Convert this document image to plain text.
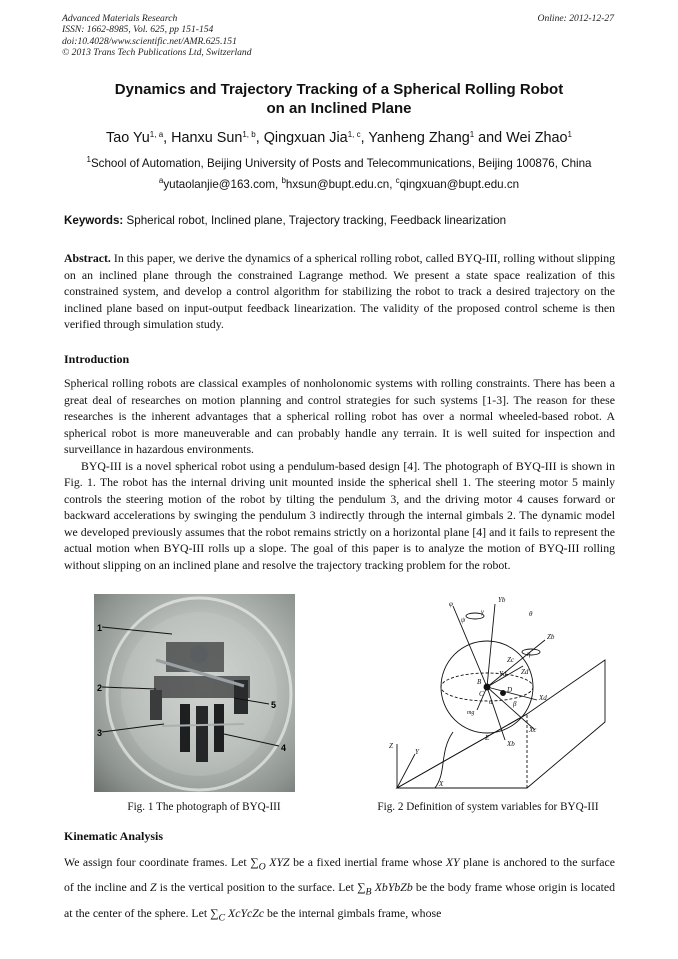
Advanced Materials Research
ISSN: 1662-8985, Vol. 625, pp 151-154
doi:10.4028/www.scientific.net/AMR.625.151
© 2013 Trans Tech Publications Ltd, Switzerland
Online: 2012-12-27
Dynamics and Trajectory Tracking of a Spherical Rolling Robot
on an Inclined Plane
Tao Yu$^{1, a}$, Hanxu Sun$^{1, b}$, Qingxuan Jia$^{1, c}$, Yanheng Zhang$^1$ and Wei Zhao$^1$
$^1$School of Automation, Beijing University of Posts and Telecommunications, Beijing 100876, China
$^a$yutaolanjie@163.com, $^b$hxsun@bupt.edu.cn, $^c$qingxuan@bupt.edu.cn
Keywords: Spherical robot, Inclined plane, Trajectory tracking, Feedback linearization
Abstract. In this paper, we derive the dynamics of a spherical rolling robot, called BYQ-III, rolling without slipping on an inclined plane through the constrained Lagrange method. We present a state space realization of this constrained system, and develop a control algorithm for stabilizing the robot to track a desired trajectory on the inclined plane based on input-output feedback linearization. The validity of the proposed control scheme is then verified through simulation study.
Introduction
Spherical rolling robots are classical examples of nonholonomic systems with rolling constraints. There has been a great deal of researches on motion planning and control strategies for such systems [1-3]. The reason for these researches is the inherent advantages that a spherical rolling robot has over a normal wheeled-based robot. A spherical robot is more maneuverable and can probably handle any terrain. It is well suited for inspection and surveillance in hazardous environments.
BYQ-III is a novel spherical robot using a pendulum-based design [4]. The photograph of BYQ-III is shown in Fig. 1. The robot has the internal driving unit mounted inside the spherical shell 1. The steering motor 5 mainly controls the steering motion of the robot by tilting the pendulum 3, and the driving motor 4 causes forward or backward accelerations by swinging the pendulum 3 indirectly through the internal gimbals 2. The dynamic model we developed previously assumes that the robot remains strictly on a horizontal plane [4] and it fails to represent the actual motion when BYQ-III rolls up a slope. The goal of this paper is to analyze the motion of BYQ-III rolling without slipping on an inclined plane and resolve the trajectory tracking problem for the robot.
1
2
3
4
5
Fig. 1 The photograph of BYQ-III
Yb
Zb
Zc
Zd
Xd
Xc
Xb
Yd
B
C	D
E
X
Y
Z
θ
φ
ψ
γ
α	β
η
mg
Fig. 2 Definition of system variables for BYQ-III
Kinematic Analysis
We assign four coordinate frames. Let $\sum_O$ XYZ be a fixed inertial frame whose XY plane is anchored to the surface of the incline and Z is the vertical position to the surface. Let $\sum_B$ XbYbZb be the body frame whose origin is located at the center of the sphere. Let $\sum_C$ XcYcZc be the internal gimbals frame, whose
